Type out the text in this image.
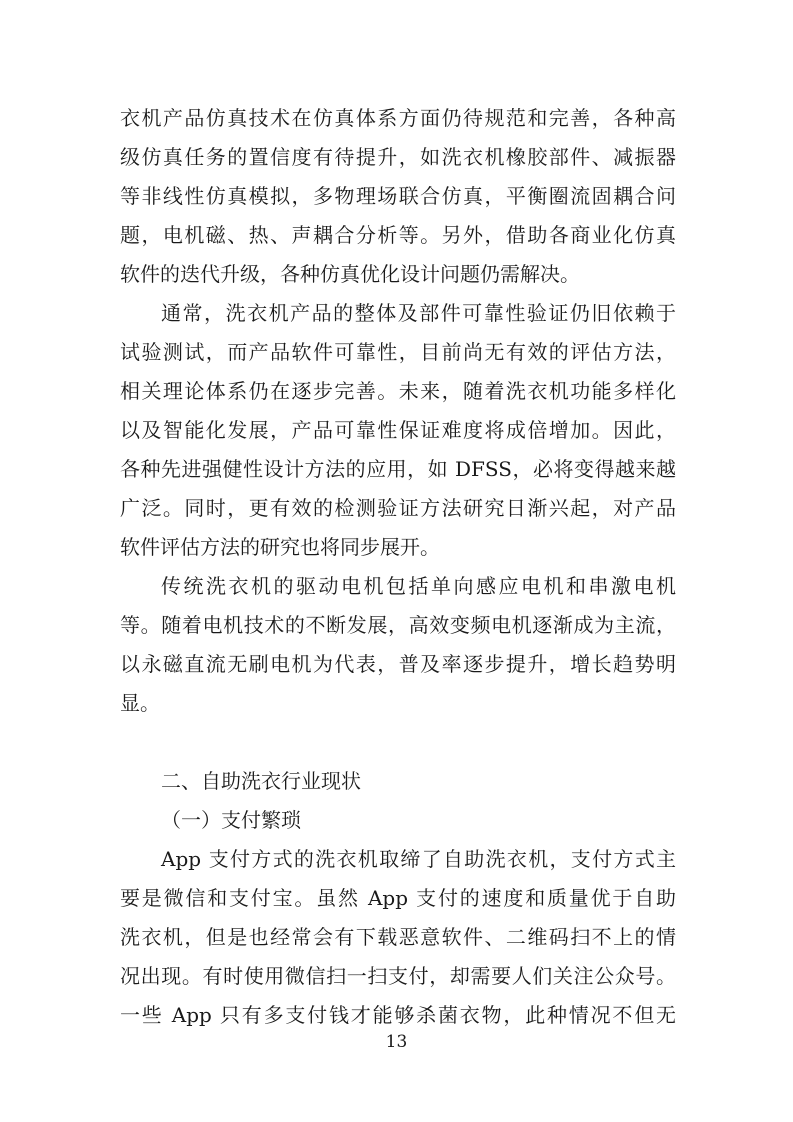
衣机产品仿真技术在仿真体系方面仍待规范和完善，各种高
级仿真任务的置信度有待提升，如洗衣机橡胶部件、减振器
等非线性仿真模拟，多物理场联合仿真，平衡圈流固耦合问
题，电机磁、热、声耦合分析等。另外，借助各商业化仿真
软件的迭代升级，各种仿真优化设计问题仍需解决。
通常，洗衣机产品的整体及部件可靠性验证仍旧依赖于
试验测试，而产品软件可靠性，目前尚无有效的评估方法，
相关理论体系仍在逐步完善。未来，随着洗衣机功能多样化
以及智能化发展，产品可靠性保证难度将成倍增加。因此，
各种先进强健性设计方法的应用，如 DFSS，必将变得越来越
广泛。同时，更有效的检测验证方法研究日渐兴起，对产品
软件评估方法的研究也将同步展开。
传统洗衣机的驱动电机包括单向感应电机和串激电机
等。随着电机技术的不断发展，高效变频电机逐渐成为主流，
以永磁直流无刷电机为代表，普及率逐步提升，增长趋势明
显。
二、自助洗衣行业现状
（一）支付繁琐
App 支付方式的洗衣机取缔了自助洗衣机，支付方式主
要是微信和支付宝。虽然 App 支付的速度和质量优于自助
洗衣机，但是也经常会有下载恶意软件、二维码扫不上的情
况出现。有时使用微信扫一扫支付，却需要人们关注公众号。
一些 App 只有多支付钱才能够杀菌衣物，此种情况不但无
13
